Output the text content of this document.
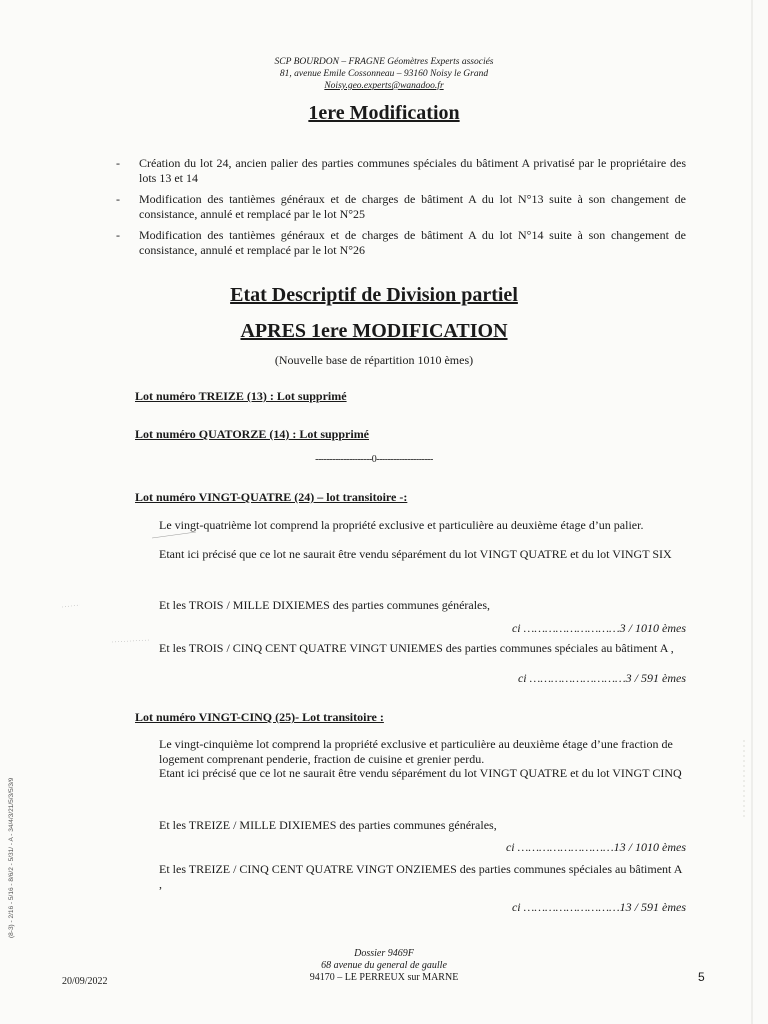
SCP BOURDON – FRAGNE Géomètres Experts associés
81, avenue Emile Cossonneau – 93160 Noisy le Grand
Noisy.geo.experts@wanadoo.fr
1ere Modification
- Création du lot 24, ancien palier des parties communes spéciales du bâtiment A privatisé par le propriétaire des lots 13 et 14
- Modification des tantièmes généraux et de charges de bâtiment A du lot N°13 suite à son changement de consistance, annulé et remplacé par le lot N°25
- Modification des tantièmes généraux et de charges de bâtiment A du lot N°14 suite à son changement de consistance, annulé et remplacé par le lot N°26
Etat Descriptif de Division partiel
APRES 1ere MODIFICATION
(Nouvelle base de répartition 1010 èmes)
Lot numéro TREIZE (13) : Lot supprimé
Lot numéro QUATORZE (14) : Lot supprimé
--------------------0--------------------
Lot numéro VINGT-QUATRE (24) – lot transitoire -:
Le vingt-quatrième lot comprend la propriété exclusive et particulière au deuxième étage d’un palier.
Etant ici précisé que ce lot ne saurait être vendu séparément du lot VINGT QUATRE et du lot VINGT SIX
Et les TROIS / MILLE DIXIEMES des parties communes générales,
ci ………………………3 / 1010 èmes
Et les TROIS / CINQ CENT QUATRE VINGT UNIEMES des parties communes spéciales au bâtiment A ,
ci ………………………3 / 591 èmes
Lot numéro VINGT-CINQ (25)- Lot transitoire :
Le vingt-cinquième lot comprend la propriété exclusive et particulière au deuxième étage d’une fraction de logement comprenant penderie, fraction de cuisine et grenier perdu.
Etant ici précisé que ce lot ne saurait être vendu séparément du lot VINGT QUATRE et du lot VINGT CINQ
Et les TREIZE / MILLE DIXIEMES des parties communes générales,
ci ………………………13 / 1010 èmes
Et les TREIZE / CINQ CENT QUATRE VINGT ONZIEMES des parties communes spéciales au bâtiment A ,
ci ………………………13 / 591 èmes
(8-3) - 2/16 - 5/16 - 8/6/2 - 5/31/ - A - 34/4/3/21/5/3/5/3/9
Dossier 9469F
68 avenue du general de gaulle
94170 – LE PERREUX sur MARNE
20/09/2022	5
